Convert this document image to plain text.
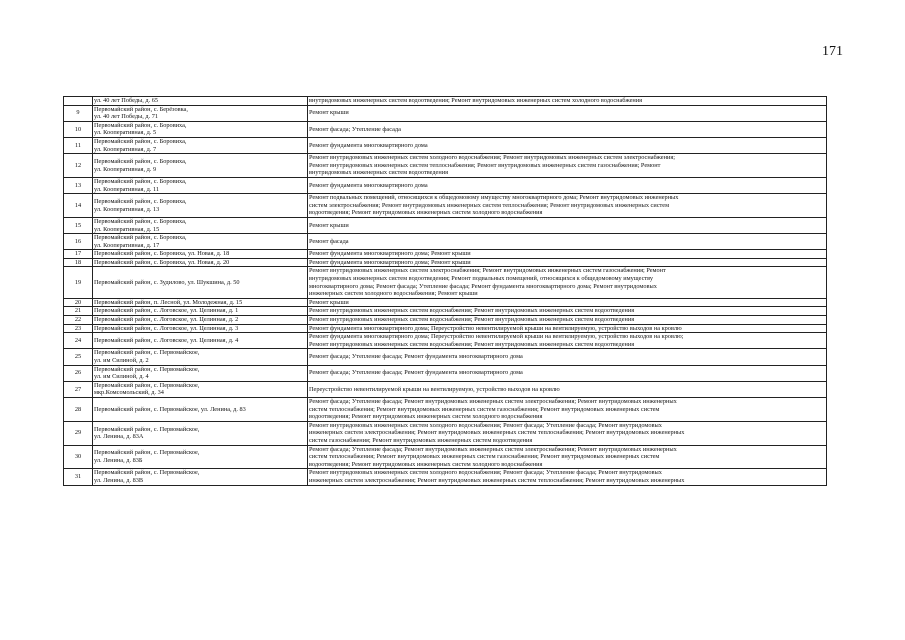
171
	ул. 40 лет Победы, д. 65	внутридомовых инженерных систем водоотведения; Ремонт внутридомовых инженерных систем холодного водоснабжения
9	Первомайский район, с. Берёзовка,
ул. 40 лет Победы, д. 71	Ремонт крыши
10	Первомайский район, с. Боровиха,
ул. Кооперативная, д. 5	Ремонт фасада; Утепление фасада
11	Первомайский район, с. Боровиха,
ул. Кооперативная, д. 7	Ремонт фундамента многоквартирного дома
12	Первомайский район, с. Боровиха,
ул. Кооперативная, д. 9	Ремонт внутридомовых инженерных систем холодного водоснабжения; Ремонт внутридомовых инженерных систем электроснабжения;
Ремонт внутридомовых инженерных систем теплоснабжения; Ремонт внутридомовых инженерных систем газоснабжения; Ремонт
внутридомовых инженерных систем водоотведения
13	Первомайский район, с. Боровиха,
ул. Кооперативная, д. 11	Ремонт фундамента многоквартирного дома
14	Первомайский район, с. Боровиха,
ул. Кооперативная, д. 13	Ремонт подвальных помещений, относящихся к общедомовому имуществу многоквартирного дома; Ремонт внутридомовых инженерных
систем электроснабжения; Ремонт внутридомовых инженерных систем теплоснабжения; Ремонт внутридомовых инженерных систем
водоотведения; Ремонт внутридомовых инженерных систем холодного водоснабжения
15	Первомайский район, с. Боровиха,
ул. Кооперативная, д. 15	Ремонт крыши
16	Первомайский район, с. Боровиха,
ул. Кооперативная, д. 17	Ремонт фасада
17	Первомайский район, с. Боровиха, ул. Новая, д. 18	Ремонт фундамента многоквартирного дома; Ремонт крыши
18	Первомайский район, с. Боровиха, ул. Новая, д. 20	Ремонт фундамента многоквартирного дома; Ремонт крыши
19	Первомайский район, с. Зудилово, ул. Шукшина, д. 50	Ремонт внутридомовых инженерных систем электроснабжения; Ремонт внутридомовых инженерных систем газоснабжения; Ремонт
внутридомовых инженерных систем водоотведения; Ремонт подвальных помещений, относящихся к общедомовому имуществу
многоквартирного дома; Ремонт фасада; Утепление фасада; Ремонт фундамента многоквартирного дома; Ремонт внутридомовых
инженерных систем холодного водоснабжения; Ремонт крыши
20	Первомайский район, п. Лесной, ул. Молодежная, д. 15	Ремонт крыши
21	Первомайский район, с. Логовское, ул. Целинная, д. 1	Ремонт внутридомовых инженерных систем водоснабжения; Ремонт внутридомовых инженерных систем водоотведения
22	Первомайский район, с. Логовское, ул. Целинная, д. 2	Ремонт внутридомовых инженерных систем водоснабжения; Ремонт внутридомовых инженерных систем водоотведения
23	Первомайский район, с. Логовское, ул. Целинная, д. 3	Ремонт фундамента многоквартирного дома; Переустройство невентилируемой крыши на вентилируемую, устройство выходов на кровлю
24	Первомайский район, с. Логовское, ул. Целинная, д. 4	Ремонт фундамента многоквартирного дома; Переустройство невентилируемой крыши на вентилируемую, устройство выходов на кровлю;
Ремонт внутридомовых инженерных систем водоснабжения; Ремонт внутридомовых инженерных систем водоотведения
25	Первомайский район, с. Первомайское,
ул. им Силиной, д. 2	Ремонт фасада; Утепление фасада; Ремонт фундамента многоквартирного дома
26	Первомайский район, с. Первомайское,
ул. им Силиной, д. 4	Ремонт фасада; Утепление фасада; Ремонт фундамента многоквартирного дома
27	Первомайский район, с. Первомайское,
мкр.Комсомольский, д. 34	Переустройство невентилируемой крыши на вентилируемую, устройство выходов на кровлю
28	Первомайский район, с. Первомайское, ул. Ленина, д. 83	Ремонт фасада; Утепление фасада; Ремонт внутридомовых инженерных систем электроснабжения; Ремонт внутридомовых инженерных
систем теплоснабжения; Ремонт внутридомовых инженерных систем газоснабжения; Ремонт внутридомовых инженерных систем
водоотведения; Ремонт внутридомовых инженерных систем холодного водоснабжения
29	Первомайский район, с. Первомайское,
ул. Ленина, д. 83А	Ремонт внутридомовых инженерных систем холодного водоснабжения; Ремонт фасада; Утепление фасада; Ремонт внутридомовых
инженерных систем электроснабжения; Ремонт внутридомовых инженерных систем теплоснабжения; Ремонт внутридомовых инженерных
систем газоснабжения; Ремонт внутридомовых инженерных систем водоотведения
30	Первомайский район, с. Первомайское,
ул. Ленина, д. 83Б	Ремонт фасада; Утепление фасада; Ремонт внутридомовых инженерных систем электроснабжения; Ремонт внутридомовых инженерных
систем теплоснабжения; Ремонт внутридомовых инженерных систем газоснабжения; Ремонт внутридомовых инженерных систем
водоотведения; Ремонт внутридомовых инженерных систем холодного водоснабжения
31	Первомайский район, с. Первомайское,
ул. Ленина, д. 83В	Ремонт внутридомовых инженерных систем холодного водоснабжения; Ремонт фасада; Утепление фасада; Ремонт внутридомовых
инженерных систем электроснабжения; Ремонт внутридомовых инженерных систем теплоснабжения; Ремонт внутридомовых инженерных
